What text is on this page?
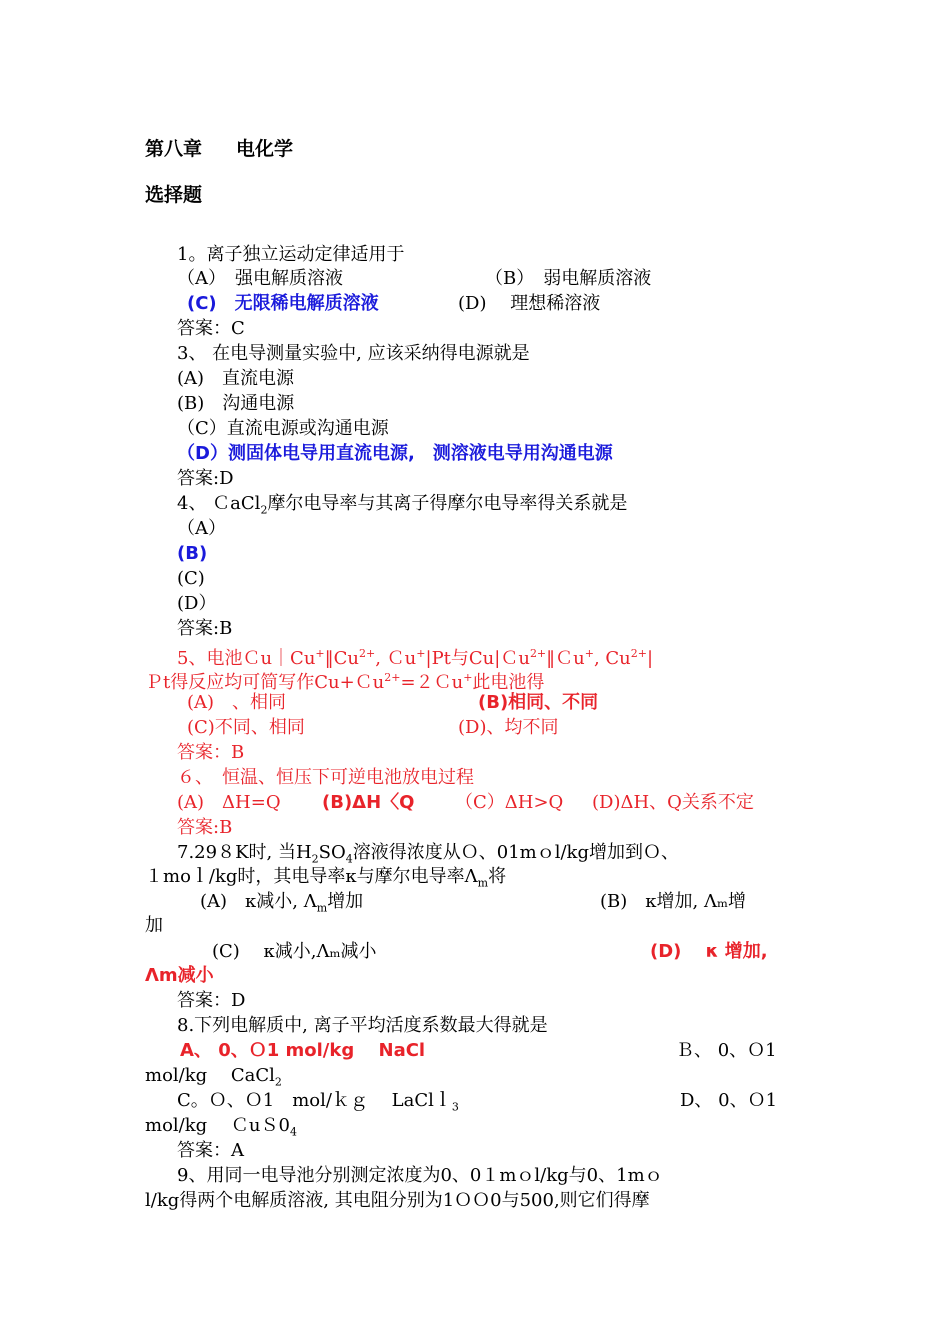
第八章 电化学
选择题
1。离子独立运动定律适用于
（A）　强电解质溶液	（B）　弱电解质溶液
(C)　无限稀电解质溶液	(D)　 理想稀溶液
答案：C
3、 在电导测量实验中, 应该采纳得电源就是
(A)　直流电源
(B)　沟通电源
（C）直流电源或沟通电源
（D）测固体电导用直流电源,　测溶液电导用沟通电源
答案:D
4、 ＣaCl$_2$摩尔电导率与其离子得摩尔电导率得关系就是
（A）
(B)
(C)
(D）
答案:B
5、电池$Cu|Cu^+‖Cu^{2+}$, Ｃu+|Pt与Cu|Ｃu$^{2+}$‖Ｃu+, $Cu^{2+}|$
Ｐt得反应均可简写作Cu+Ｃu$^{2+}$=２Ｃu+此电池得
(A)　、相同	(B)相同、不同
(C)不同、相同	(D)、均不同
答案：B
６、　恒温、恒压下可逆电池放电过程
(A)　ΔH=Q (B)ΔH〈Q （C）ΔH>Q (D)ΔH、Q关系不定
答案:B
7.29８K时, 当$H_2SO_4$溶液得浓度从Ｏ、01mｏl/kg增加到Ｏ、
１moｌ/kg时，其电导率κ与摩尔电导率$\Lambda_m$将
(A)　κ减小, $\Lambda_m$增加	(B)　κ增加, Λₘ增
加
(C)　 κ减小,Λₘ减小	(D)　 κ 增加,
Λm减小
答案：D
8.下列电解质中, 离子平均活度系数最大得就是
A、 0、Ｏ1 mol/kg　 NaCl	Ｂ、 0、Ｏ1
mol/kg　 CaCl$_2$
C。Ｏ、Ｏ1　mol/ｋｇ　 LaClｌ$_3$	D、 0、Ｏ1
mol/kg　 $CuS0_4$
答案：A
9、用同一电导池分别测定浓度为0、0１mｏl/kg与0、1mｏ
l/kg得两个电解质溶液, 其电阻分别为1ＯＯ0与500,则它们得摩
